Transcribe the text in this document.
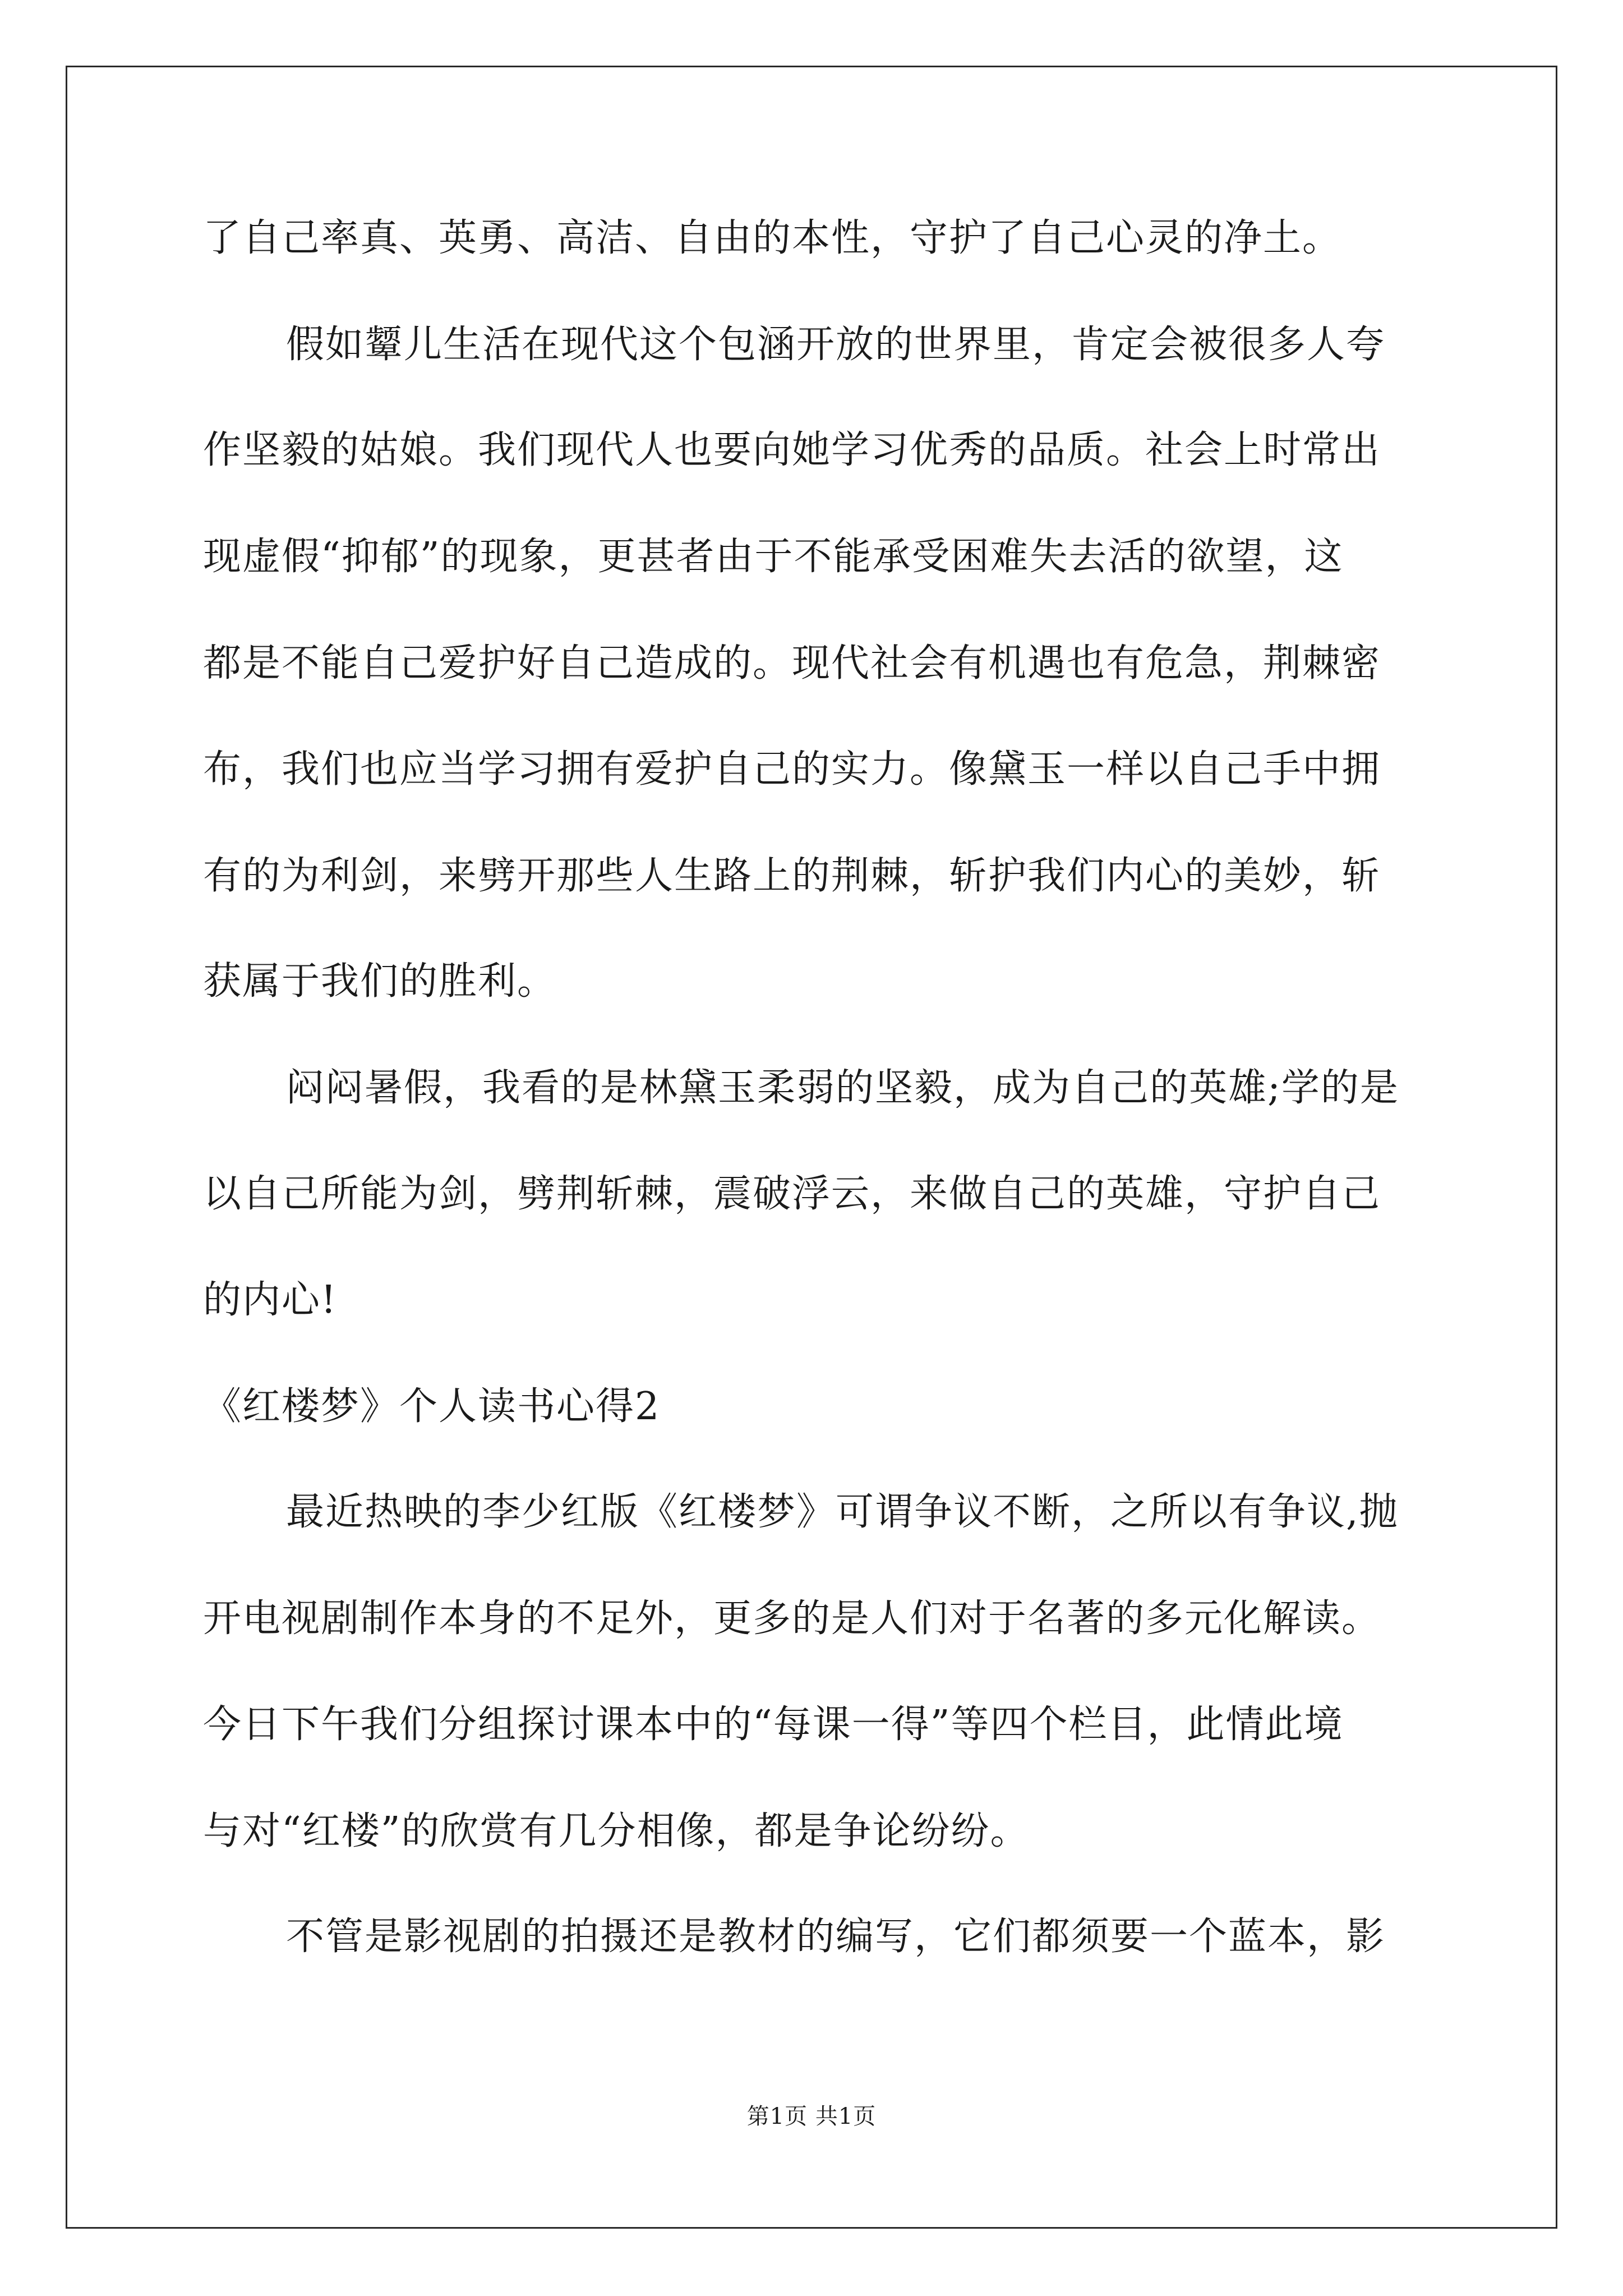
了自己率真、英勇、高洁、自由的本性，守护了自己心灵的净土。
假如颦儿生活在现代这个包涵开放的世界里，肯定会被很多人夸
作坚毅的姑娘。我们现代人也要向她学习优秀的品质。社会上时常出
现虚假“抑郁”的现象，更甚者由于不能承受困难失去活的欲望，这
都是不能自己爱护好自己造成的。现代社会有机遇也有危急，荆棘密
布，我们也应当学习拥有爱护自己的实力。像黛玉一样以自己手中拥
有的为利剑，来劈开那些人生路上的荆棘，斩护我们内心的美妙，斩
获属于我们的胜利。
闷闷暑假，我看的是林黛玉柔弱的坚毅，成为自己的英雄;学的是
以自己所能为剑，劈荆斩棘，震破浮云，来做自己的英雄，守护自己
的内心!
《红楼梦》个人读书心得2
最近热映的李少红版《红楼梦》可谓争议不断，之所以有争议,抛
开电视剧制作本身的不足外，更多的是人们对于名著的多元化解读。
今日下午我们分组探讨课本中的“每课一得”等四个栏目，此情此境
与对“红楼”的欣赏有几分相像，都是争论纷纷。
不管是影视剧的拍摄还是教材的编写，它们都须要一个蓝本，影
第1页 共1页
